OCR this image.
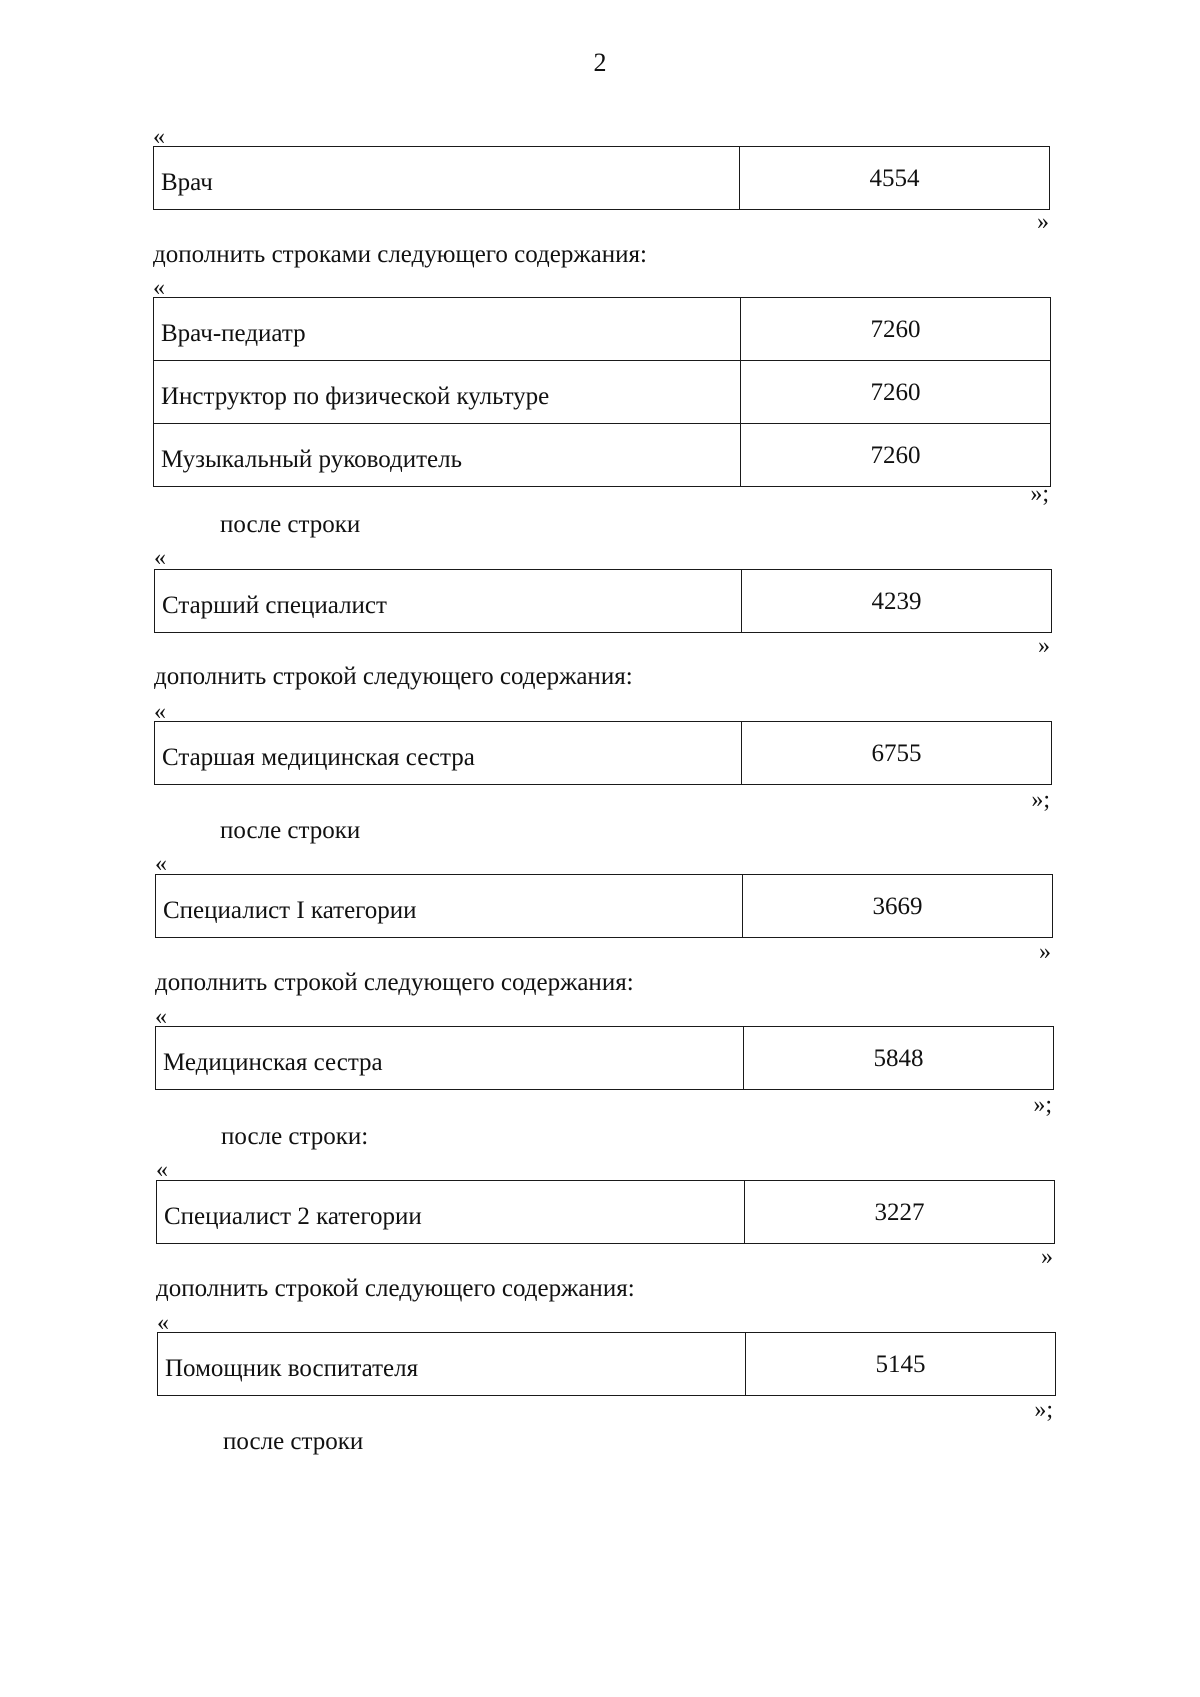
2
«
Врач	4554
»
дополнить строками следующего содержания:
«
Врач-педиатр	7260
Инструктор по физической культуре	7260
Музыкальный руководитель	7260
»;
после строки
«
Старший специалист	4239
»
дополнить строкой следующего содержания:
«
Старшая медицинская сестра	6755
»;
после строки
«
Специалист I категории	3669
»
дополнить строкой следующего содержания:
«
Медицинская сестра	5848
»;
после строки:
«
Специалист 2 категории	3227
»
дополнить строкой следующего содержания:
«
Помощник воспитателя	5145
»;
после строки
